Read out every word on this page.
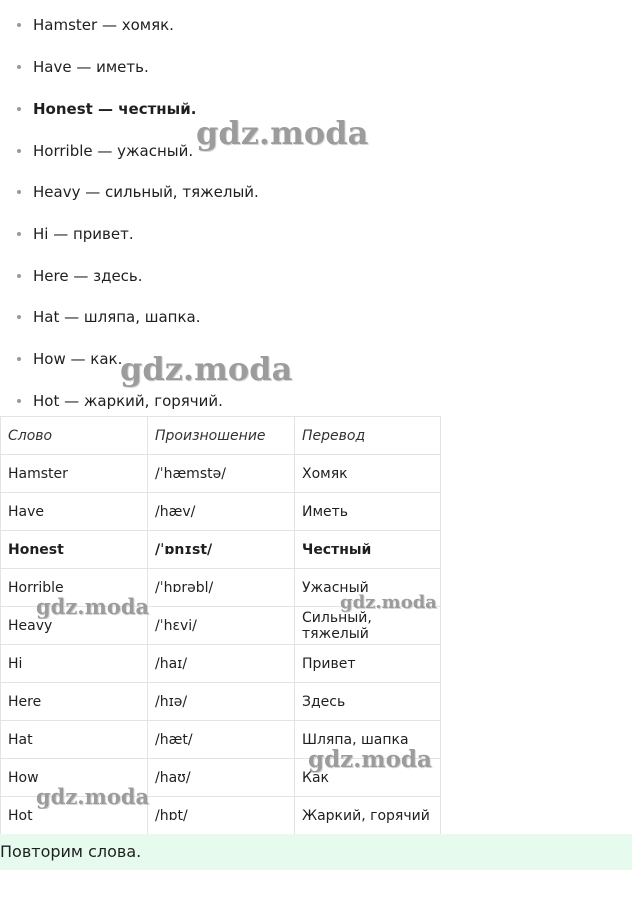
Hamster — хомяк.
Have — иметь.
Honest — честный.
Horrible — ужасный.
Heavy — сильный, тяжелый.
Hi — привет.
Here — здесь.
Hat — шляпа, шапка.
How — как.
Hot — жаркий, горячий.
Слово	Произношение	Перевод
Hamster	/ˈhæmstə/	Хомяк
Have	/hæv/	Иметь
Honest	/ˈɒnɪst/	Честный
Horrible	/ˈhɒrəbl/	Ужасный
Heavy	/ˈhɛvi/	Сильный, тяжелый
Hi	/haɪ/	Привет
Here	/hɪə/	Здесь
Hat	/hæt/	Шляпа, шапка
How	/haʊ/	Как
Hot	/hɒt/	Жаркий, горячий
Повторим слова.
gdz.moda
gdz.moda
gdz.moda	gdz.moda
gdz.moda
gdz.moda
